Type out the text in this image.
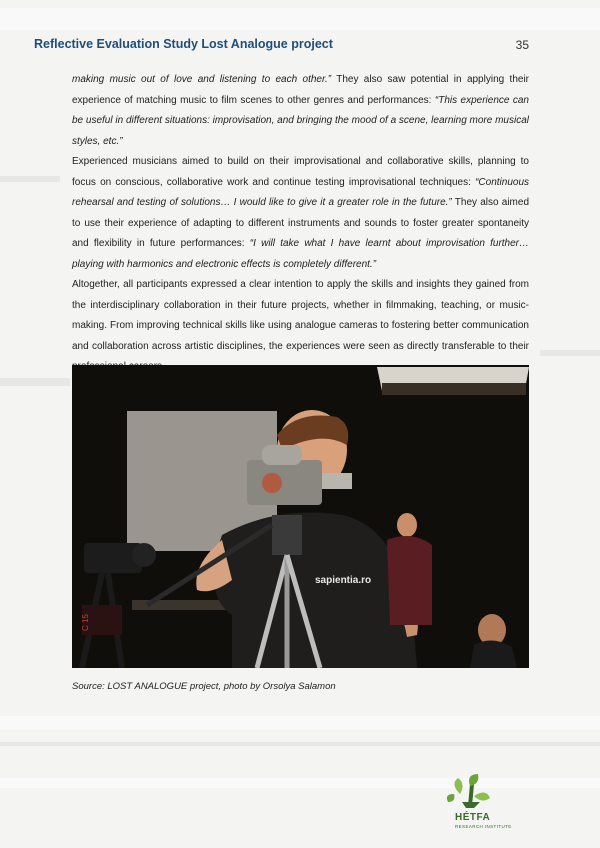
Reflective Evaluation Study Lost Analogue project	35

making music out of love and listening to each other.” They also saw potential in applying their experience of matching music to film scenes to other genres and performances: “This experience can be useful in different situations: improvisation, and bringing the mood of a scene, learning more musical styles, etc.”

Experienced musicians aimed to build on their improvisational and collaborative skills, planning to focus on conscious, collaborative work and continue testing improvisational techniques: “Continuous rehearsal and testing of solutions… I would like to give it a greater role in the future.” They also aimed to use their experience of adapting to different instruments and sounds to foster greater spontaneity and flexibility in future performances: “I will take what I have learnt about improvisation further… playing with harmonics and electronic effects is completely different.”

Altogether, all participants expressed a clear intention to apply the skills and insights they gained from the interdisciplinary collaboration in their future projects, whether in filmmaking, teaching, or music-making. From improving technical skills like using analogue cameras to fostering better communication and collaboration across artistic disciplines, the experiences were seen as directly transferable to their

C 15
sapientia.ro
Source: LOST ANALOGUE project, photo by Orsolya Salamon
HÉTFA
RESEARCH INSTITUTE
